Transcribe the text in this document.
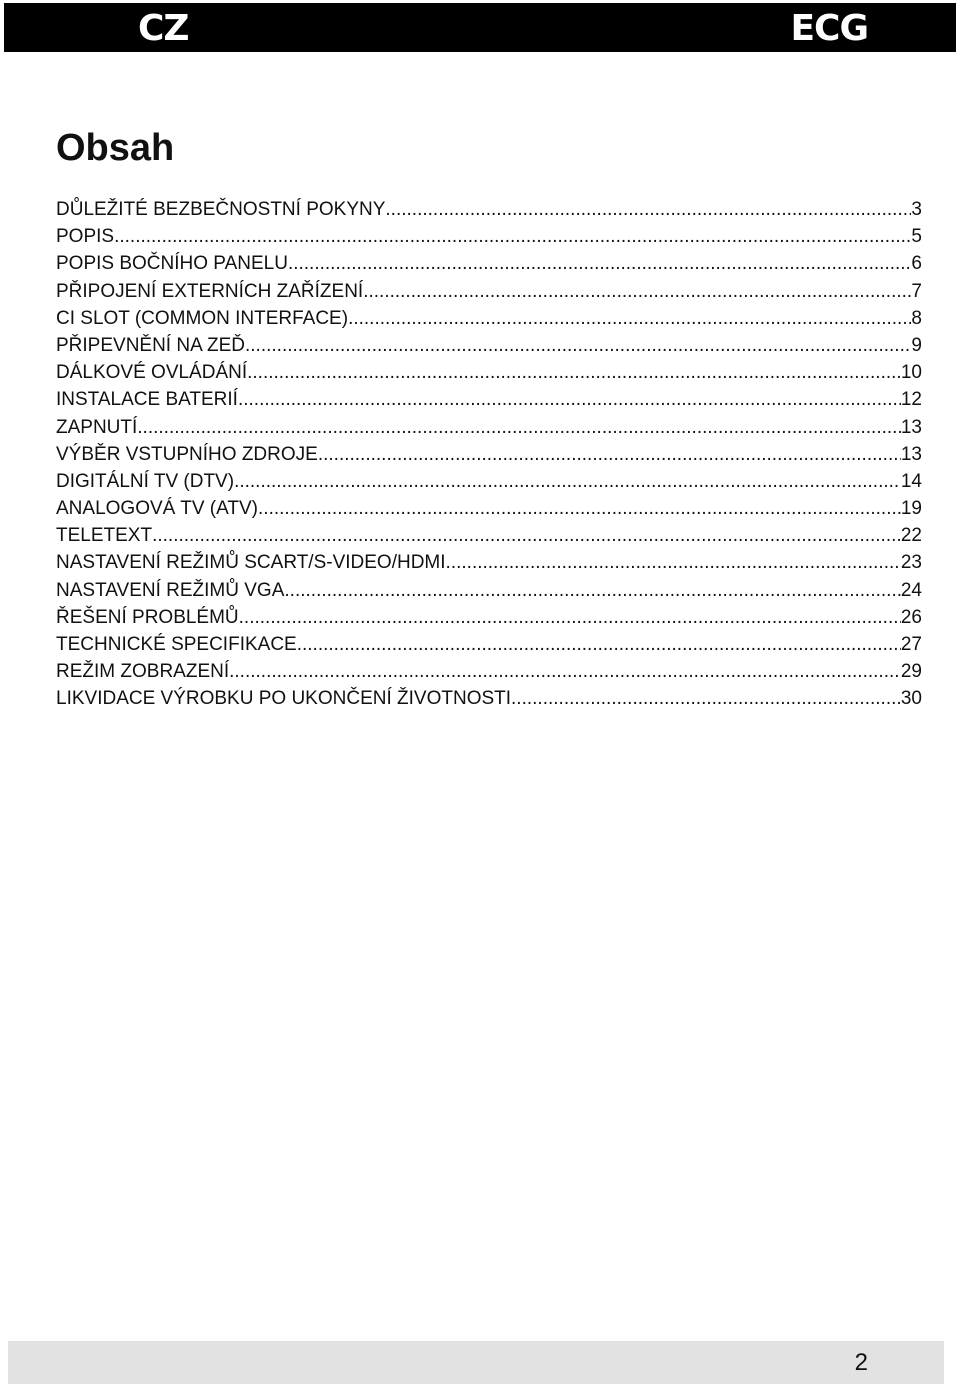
CZ	ECG
Obsah
DŮLEŽITÉ BEZBEČNOSTNÍ POKYNY .....	3
POPIS .....	5
POPIS BOČNÍHO PANELU .....	6
PŘIPOJENÍ EXTERNÍCH ZAŘÍZENÍ .....	7
CI SLOT (COMMON INTERFACE) .....	8
PŘIPEVNĚNÍ NA ZEĎ .....	9
DÁLKOVÉ OVLÁDÁNÍ .....	10
INSTALACE BATERIÍ .....	12
ZAPNUTÍ .....	13
VÝBĚR VSTUPNÍHO ZDROJE .....	13
DIGITÁLNÍ TV (DTV) .....	14
ANALOGOVÁ TV (ATV) .....	19
TELETEXT .....	22
NASTAVENÍ REŽIMŮ SCART/S-VIDEO/HDMI .....	23
NASTAVENÍ REŽIMŮ VGA .....	24
ŘEŠENÍ PROBLÉMŮ .....	26
TECHNICKÉ SPECIFIKACE .....	27
REŽIM ZOBRAZENÍ .....	29
LIKVIDACE VÝROBKU PO UKONČENÍ ŽIVOTNOSTI .....	30
2
